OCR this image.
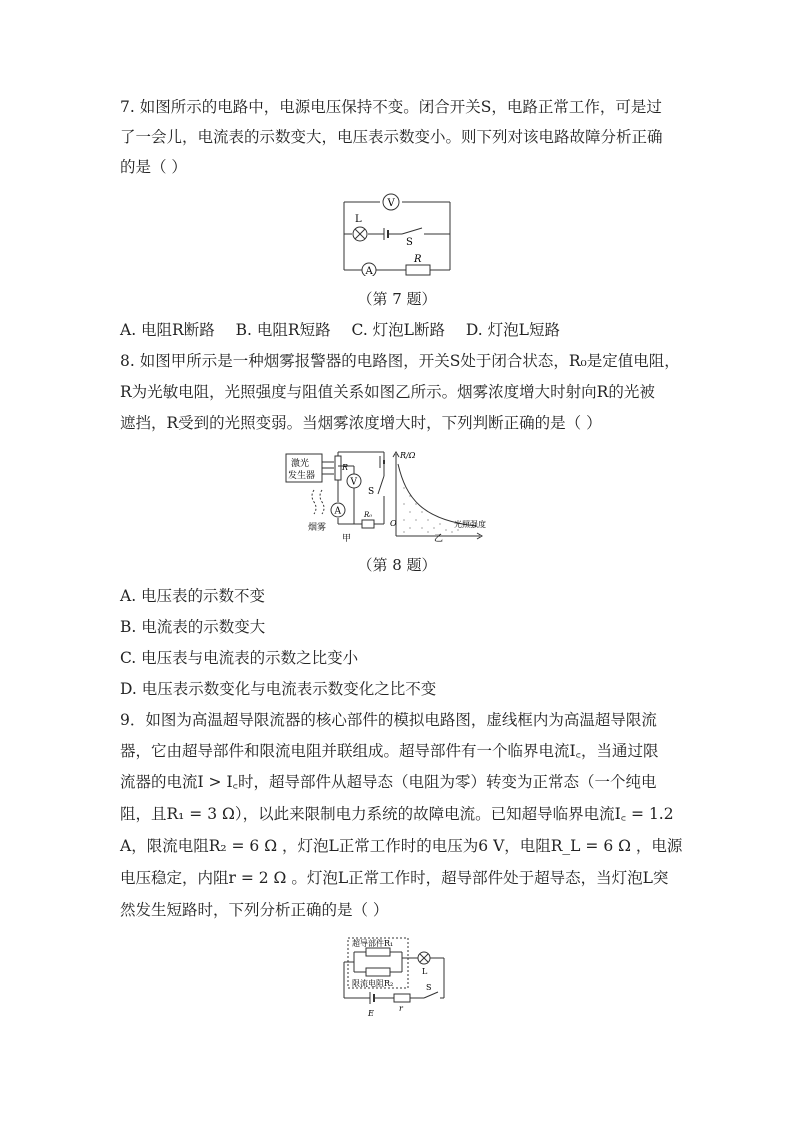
7. 如图所示的电路中，电源电压保持不变。闭合开关S，电路正常工作，可是过
了一会儿，电流表的示数变大，电压表示数变小。则下列对该电路故障分析正确
的是（ ）
V
A
L
S
R
（第 7 题）
A. 电阻R断路 B. 电阻R短路 C. 灯泡L断路 D. 灯泡L短路
8. 如图甲所示是一种烟雾报警器的电路图，开关S处于闭合状态，R₀是定值电阻，
R为光敏电阻，光照强度与阻值关系如图乙所示。烟雾浓度增大时射向R的光被
遮挡，R受到的光照变弱。当烟雾浓度增大时，下列判断正确的是（ ）
激光
发生器
R
V
A
S
R₀
烟雾
甲
R/Ω
O	光照强度
乙
（第 8 题）
A. 电压表的示数不变
B. 电流表的示数变大
C. 电压表与电流表的示数之比变小
D. 电压表示数变化与电流表示数变化之比不变
9．如图为高温超导限流器的核心部件的模拟电路图，虚线框内为高温超导限流
器，它由超导部件和限流电阻并联组成。超导部件有一个临界电流I꜀，当通过限
流器的电流I > I꜀时，超导部件从超导态（电阻为零）转变为正常态（一个纯电
阻，且R₁ = 3 Ω），以此来限制电力系统的故障电流。已知超导临界电流I꜀ = 1.2
A，限流电阻R₂ = 6 Ω ，灯泡L正常工作时的电压为6 V，电阻R_L = 6 Ω ，电源
电压稳定，内阻r = 2 Ω 。灯泡L正常工作时，超导部件处于超导态，当灯泡L突
然发生短路时，下列分析正确的是（ ）
超导部件R₁
限流电阻R₂
L
E
r
S
